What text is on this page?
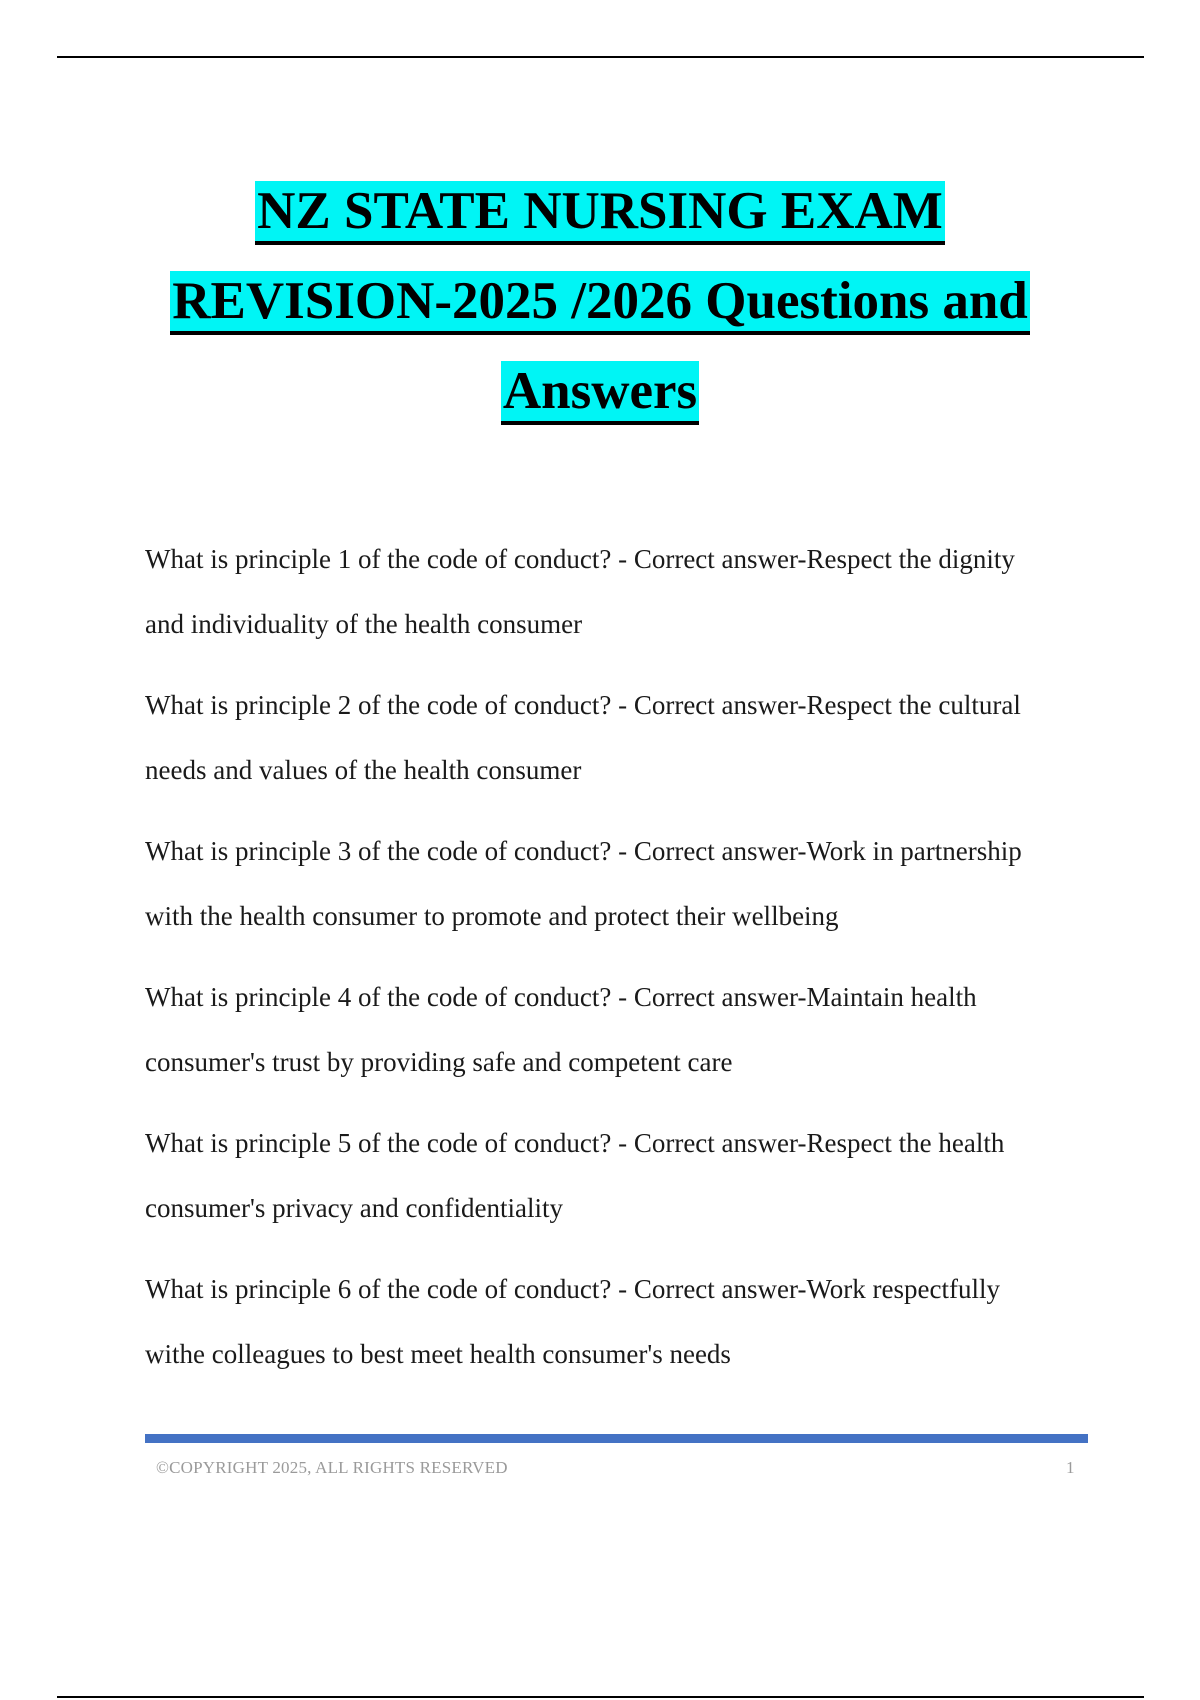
NZ STATE NURSING EXAM
REVISION-2025 /2026 Questions and
Answers
What is principle 1 of the code of conduct? - Correct answer-Respect the dignity
and individuality of the health consumer
What is principle 2 of the code of conduct? - Correct answer-Respect the cultural
needs and values of the health consumer
What is principle 3 of the code of conduct? - Correct answer-Work in partnership
with the health consumer to promote and protect their wellbeing
What is principle 4 of the code of conduct? - Correct answer-Maintain health
consumer's trust by providing safe and competent care
What is principle 5 of the code of conduct? - Correct answer-Respect the health
consumer's privacy and confidentiality
What is principle 6 of the code of conduct? - Correct answer-Work respectfully
withe colleagues to best meet health consumer's needs
©COPYRIGHT 2025, ALL RIGHTS RESERVED	1
